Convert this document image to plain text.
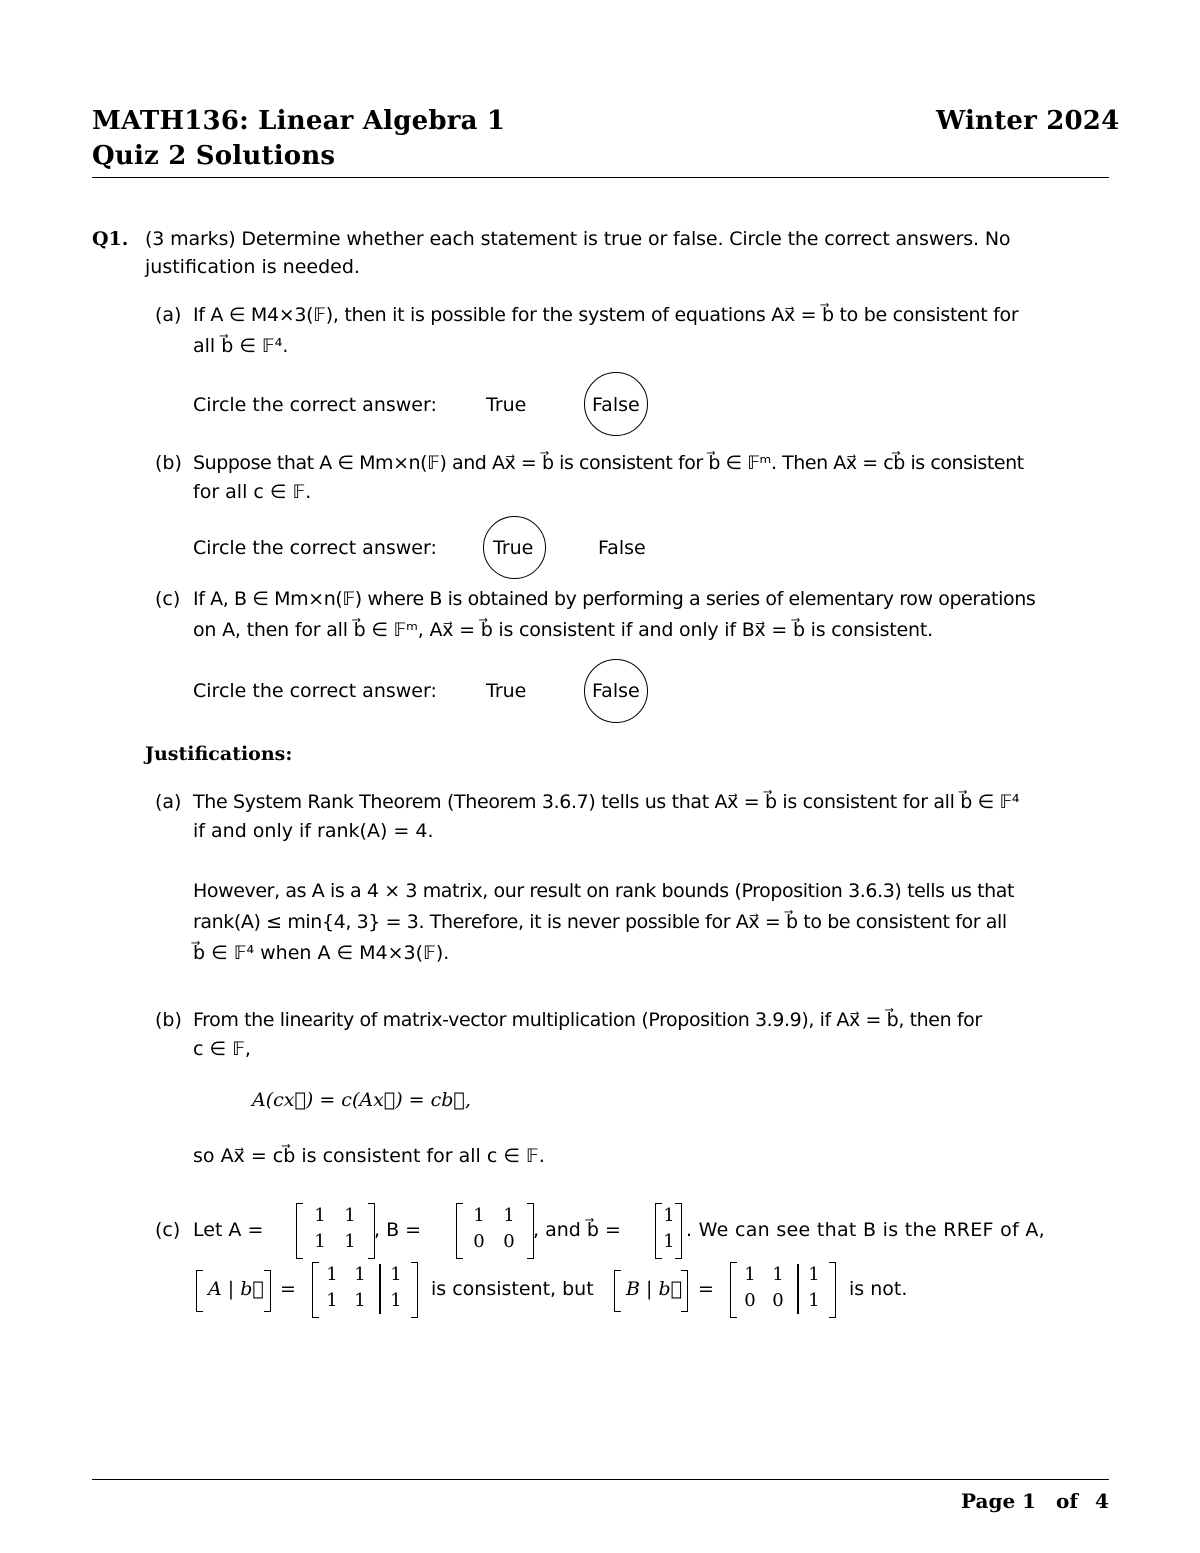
MATH136: Linear Algebra 1	Winter 2024
Quiz 2 Solutions
Q1. (3 marks) Determine whether each statement is true or false. Circle the correct answers. No
justification is needed.
(a) If A ∈ M4×3(𝔽), then it is possible for the system of equations Ax⃗ = b⃗ to be consistent for
all b⃗ ∈ 𝔽⁴.
Circle the correct answer:	True	False
(b) Suppose that A ∈ Mm×n(𝔽) and Ax⃗ = b⃗ is consistent for b⃗ ∈ 𝔽ᵐ. Then Ax⃗ = cb⃗ is consistent
for all c ∈ 𝔽.
Circle the correct answer:	True	False
(c) If A, B ∈ Mm×n(𝔽) where B is obtained by performing a series of elementary row operations
on A, then for all b⃗ ∈ 𝔽ᵐ, Ax⃗ = b⃗ is consistent if and only if Bx⃗ = b⃗ is consistent.
Circle the correct answer:	True	False
Justifications:
(a) The System Rank Theorem (Theorem 3.6.7) tells us that Ax⃗ = b⃗ is consistent for all b⃗ ∈ 𝔽⁴
if and only if rank(A) = 4.
However, as A is a 4 × 3 matrix, our result on rank bounds (Proposition 3.6.3) tells us that
rank(A) ≤ min{4, 3} = 3. Therefore, it is never possible for Ax⃗ = b⃗ to be consistent for all
b⃗ ∈ 𝔽⁴ when A ∈ M4×3(𝔽).
(b) From the linearity of matrix-vector multiplication (Proposition 3.9.9), if Ax⃗ = b⃗, then for
c ∈ 𝔽,
A(cx⃗) = c(Ax⃗) = cb⃗,
so Ax⃗ = cb⃗ is consistent for all c ∈ 𝔽.
(c) Let A =
1 1
1 1
, B =
1 1
0 0
, and b⃗ =
1
1
. We can see that B is the RREF of A,
A | b⃗ =
1 1 1
1 1 1
is consistent, but B | b⃗ =
1 1 1
0 0 1
is not.
Page 1 of 4
